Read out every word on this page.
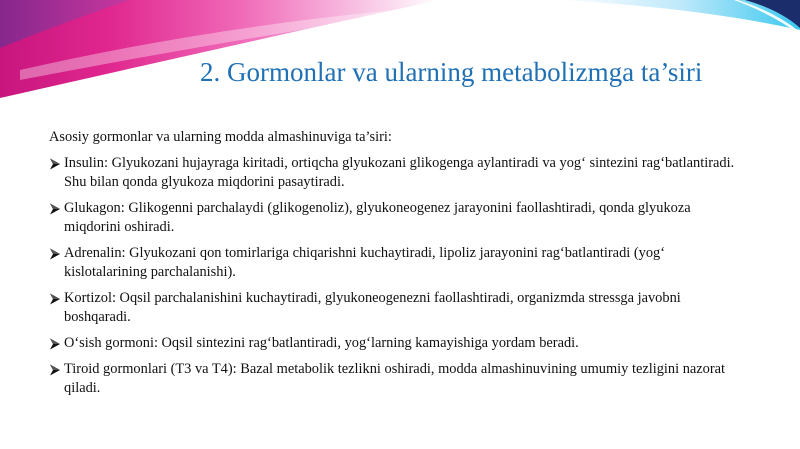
2. Gormonlar va ularning metabolizmga ta’siri
Asosiy gormonlar va ularning modda almashinuviga ta’siri:
Insulin: Glyukozani hujayraga kiritadi, ortiqcha glyukozani glikogenga aylantiradi va yog‘ sintezini rag‘batlantiradi. Shu bilan qonda glyukoza miqdorini pasaytiradi.
Glukagon: Glikogenni parchalaydi (glikogenoliz), glyukoneogenez jarayonini faollashtiradi, qonda glyukoza miqdorini oshiradi.
Adrenalin: Glyukozani qon tomirlariga chiqarishni kuchaytiradi, lipoliz jarayonini rag‘batlantiradi (yog‘ kislotalarining parchalanishi).
Kortizol: Oqsil parchalanishini kuchaytiradi, glyukoneogenezni faollashtiradi, organizmda stressga javobni boshqaradi.
O‘sish gormoni: Oqsil sintezini rag‘batlantiradi, yog‘larning kamayishiga yordam beradi.
Tiroid gormonlari (T3 va T4): Bazal metabolik tezlikni oshiradi, modda almashinuvining umumiy tezligini nazorat qiladi.
